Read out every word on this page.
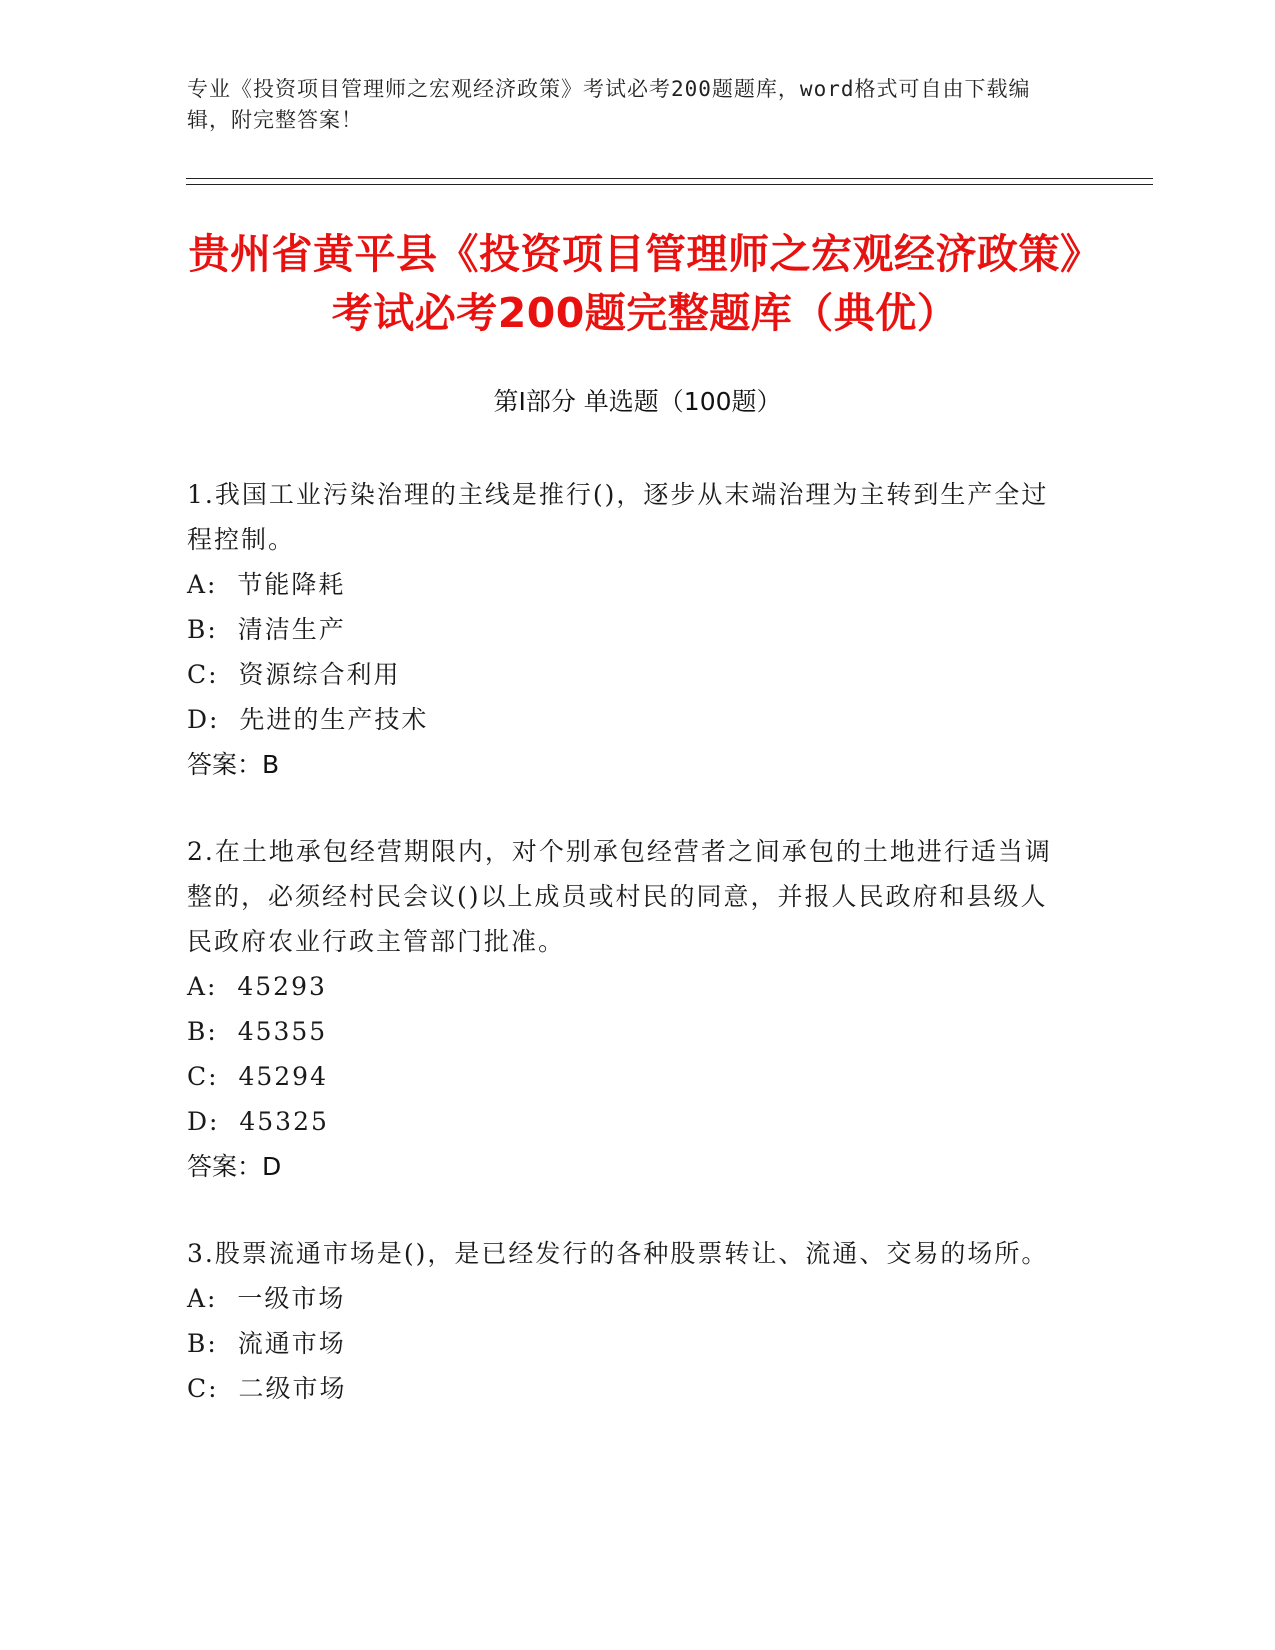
专业《投资项目管理师之宏观经济政策》考试必考200题题库，word格式可自由下载编辑，附完整答案！
贵州省黄平县《投资项目管理师之宏观经济政策》考试必考200题完整题库（典优）
第Ⅰ部分 单选题（100题）
1.我国工业污染治理的主线是推行()，逐步从末端治理为主转到生产全过程控制。
A:  节能降耗
B:  清洁生产
C:  资源综合利用
D:  先进的生产技术
答案：B
2.在土地承包经营期限内，对个别承包经营者之间承包的土地进行适当调整的，必须经村民会议()以上成员或村民的同意，并报人民政府和县级人民政府农业行政主管部门批准。
A:  45293
B:  45355
C:  45294
D:  45325
答案：D
3.股票流通市场是()，是已经发行的各种股票转让、流通、交易的场所。
A:  一级市场
B:  流通市场
C:  二级市场
